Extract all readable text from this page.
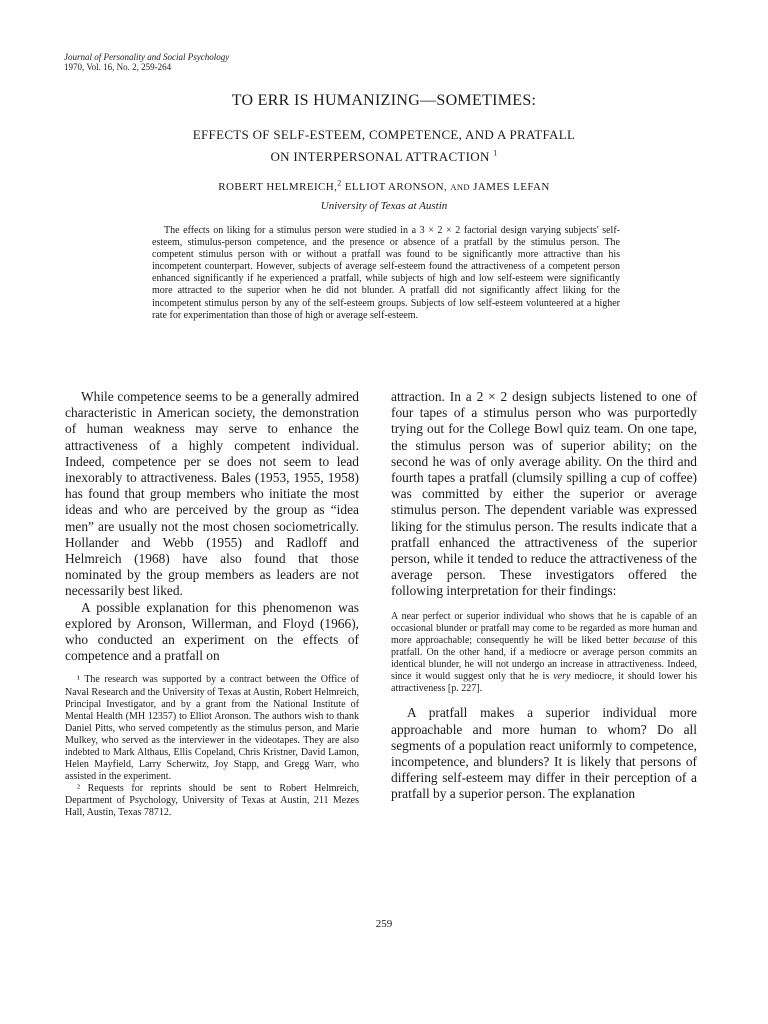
Journal of Personality and Social Psychology
1970, Vol. 16, No. 2, 259-264
TO ERR IS HUMANIZING—SOMETIMES:
EFFECTS OF SELF-ESTEEM, COMPETENCE, AND A PRATFALL
ON INTERPERSONAL ATTRACTION $^1$
ROBERT HELMREICH,$^2$ ELLIOT ARONSON, AND JAMES LEFAN
University of Texas at Austin
The effects on liking for a stimulus person were studied in a 3 × 2 × 2 factorial design varying subjects' self-esteem, stimulus-person competence, and the presence or absence of a pratfall by the stimulus person. The competent stimulus person with or without a pratfall was found to be significantly more attractive than his incompetent counterpart. However, subjects of average self-esteem found the attractiveness of a competent person enhanced significantly if he experienced a pratfall, while subjects of high and low self-esteem were significantly more attracted to the superior when he did not blunder. A pratfall did not significantly affect liking for the incompetent stimulus person by any of the self-esteem groups. Subjects of low self-esteem volunteered at a higher rate for experimentation than those of high or average self-esteem.

While competence seems to be a generally admired characteristic in American society, the demonstration of human weakness may serve to enhance the attractiveness of a highly competent individual. Indeed, competence per se does not seem to lead inexorably to attractiveness. Bales (1953, 1955, 1958) has found that group members who initiate the most ideas and who are perceived by the group as “idea men” are usually not the most chosen sociometrically. Hollander and Webb (1955) and Radloff and Helmreich (1968) have also found that those nominated by the group members as leaders are not necessarily best liked.

A possible explanation for this phenomenon was explored by Aronson, Willerman, and Floyd (1966), who conducted an experiment on the effects of competence and a pratfall on

¹ The research was supported by a contract between the Office of Naval Research and the University of Texas at Austin, Robert Helmreich, Principal Investigator, and by a grant from the National Institute of Mental Health (MH 12357) to Elliot Aronson. The authors wish to thank Daniel Pitts, who served competently as the stimulus person, and Marie Mulkey, who served as the interviewer in the videotapes. They are also indebted to Mark Althaus, Ellis Copeland, Chris Kristner, David Lamon, Helen Mayfield, Larry Scherwitz, Joy Stapp, and Gregg Warr, who assisted in the experiment.

² Requests for reprints should be sent to Robert Helmreich, Department of Psychology, University of Texas at Austin, 211 Mezes Hall, Austin, Texas 78712.

attraction. In a 2 × 2 design subjects listened to one of four tapes of a stimulus person who was purportedly trying out for the College Bowl quiz team. On one tape, the stimulus person was of superior ability; on the second he was of only average ability. On the third and fourth tapes a pratfall (clumsily spilling a cup of coffee) was committed by either the superior or average stimulus person. The dependent variable was expressed liking for the stimulus person. The results indicate that a pratfall enhanced the attractiveness of the superior person, while it tended to reduce the attractiveness of the average person. These investigators offered the following interpretation for their findings:

A near perfect or superior individual who shows that he is capable of an occasional blunder or pratfall may come to be regarded as more human and more approachable; consequently he will be liked better because of this pratfall. On the other hand, if a mediocre or average person commits an identical blunder, he will not undergo an increase in attractiveness. Indeed, since it would suggest only that he is very mediocre, it should lower his attractiveness [p. 227].

A pratfall makes a superior individual more approachable and more human to whom? Do all segments of a population react uniformly to competence, incompetence, and blunders? It is likely that persons of differing self-esteem may differ in their perception of a pratfall by a superior person. The explanation

259
